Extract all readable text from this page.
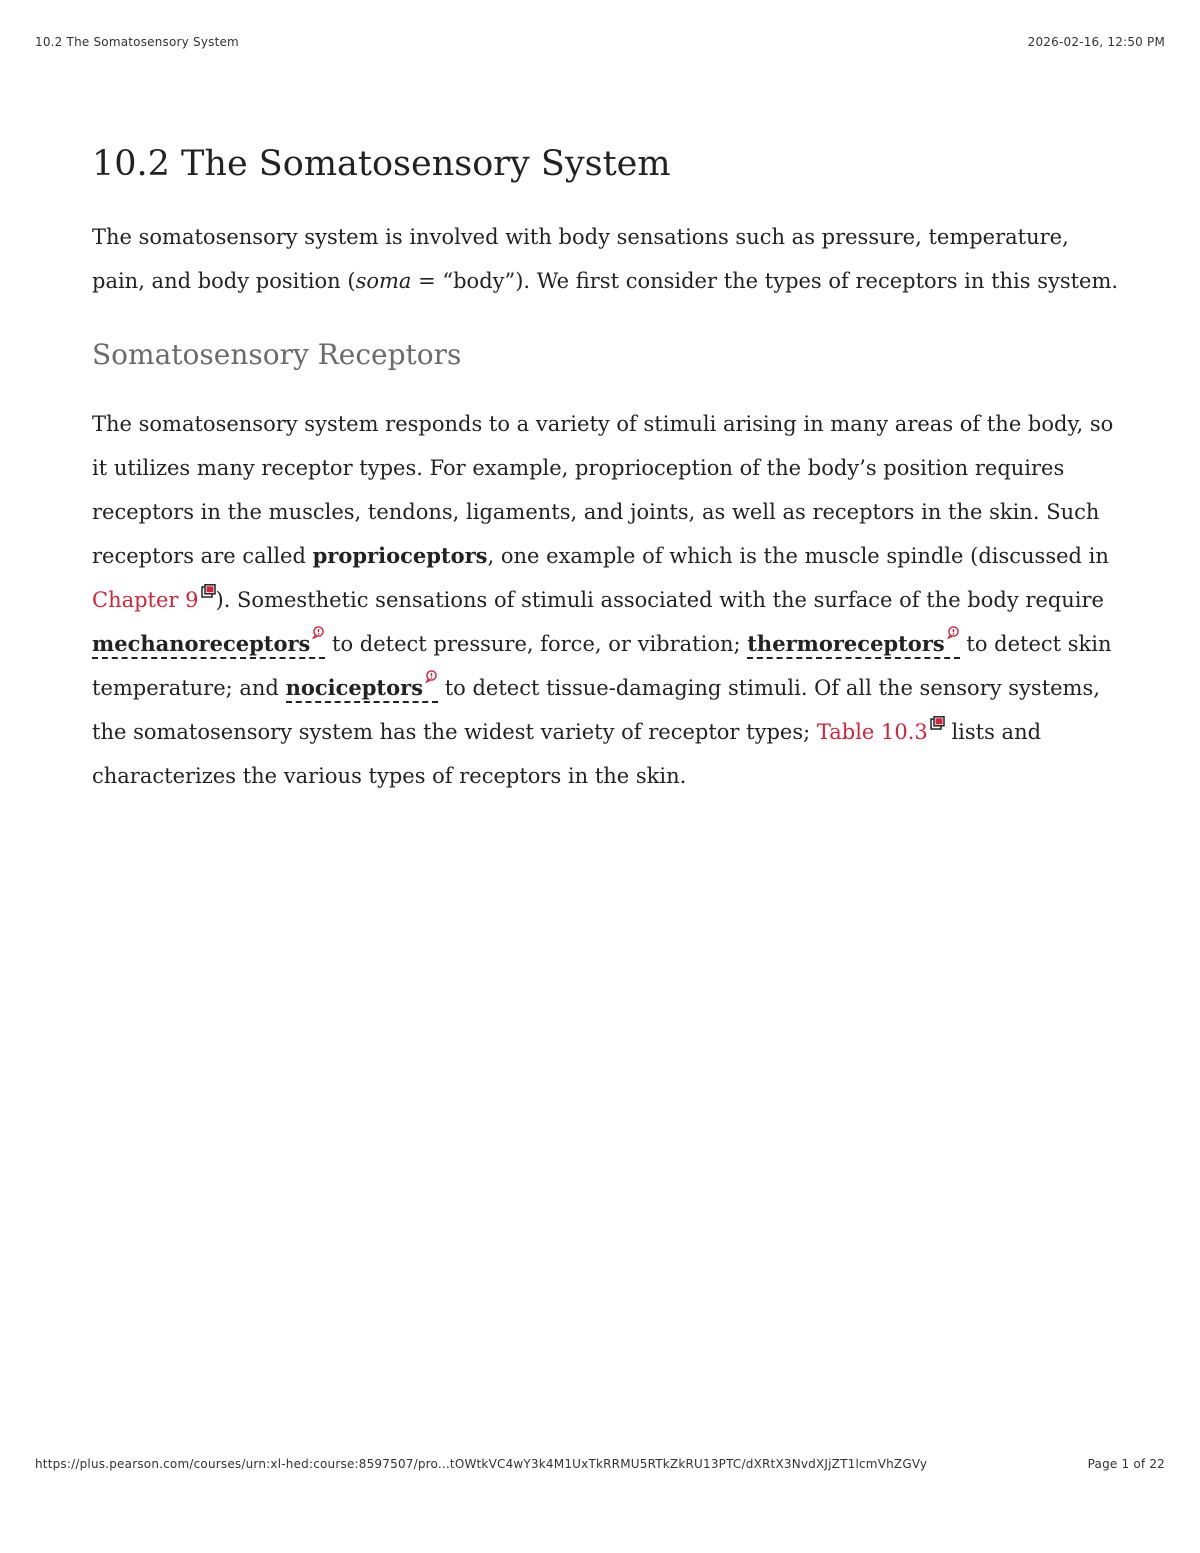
10.2 The Somatosensory System	2026-02-16, 12:50 PM
10.2 The Somatosensory System

The somatosensory system is involved with body sensations such as pressure, temperature, pain, and body position (soma = “body”). We first consider the types of receptors in this system.

Somatosensory Receptors

The somatosensory system responds to a variety of stimuli arising in many areas of the body, so it utilizes many receptor types. For example, proprioception of the body’s position requires receptors in the muscles, tendons, ligaments, and joints, as well as receptors in the skin. Such receptors are called proprioceptors, one example of which is the muscle spindle (discussed in Chapter 9 ). Somesthetic sensations of stimuli associated with the surface of the body require mechanoreceptors to detect pressure, force, or vibration; thermoreceptors to detect skin temperature; and nociceptors to detect tissue-damaging stimuli. Of all the sensory systems, the somatosensory system has the widest variety of receptor types; Table 10.3 lists and characterizes the various types of receptors in the skin.

https://plus.pearson.com/courses/urn:xl-hed:course:8597507/pro...tOWtkVC4wY3k4M1UxTkRRMU5RTkZkRU13PTC/dXRtX3NvdXJjZT1lcmVhZGVy	Page 1 of 22
